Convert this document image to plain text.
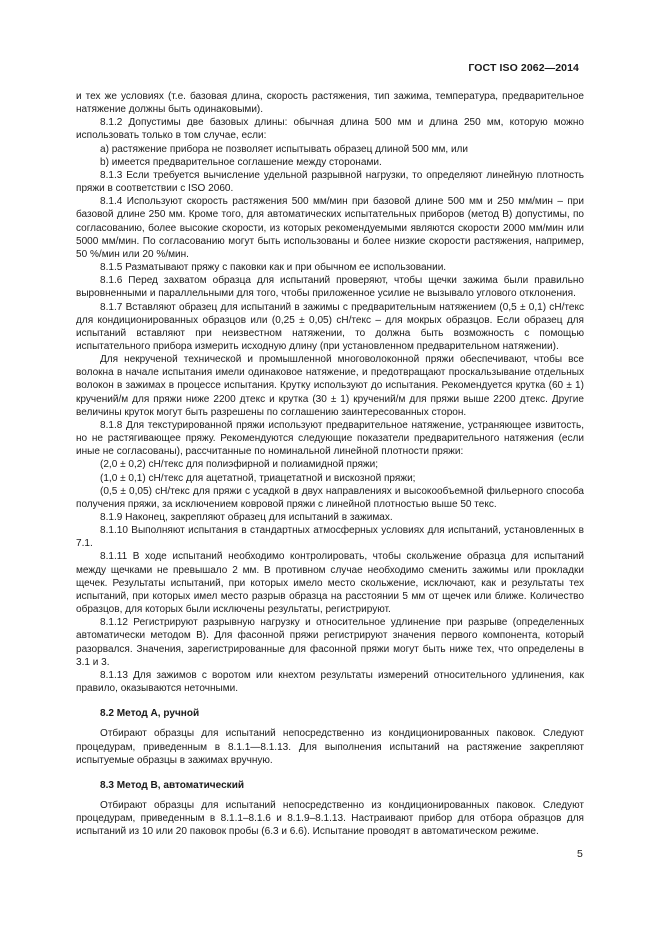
ГОСТ ISO 2062—2014

и тех же условиях (т.е. базовая длина, скорость растяжения, тип зажима, температура, предварительное натяжение должны быть одинаковыми).

8.1.2 Допустимы две базовых длины: обычная длина 500 мм и длина 250 мм, которую можно использовать только в том случае, если:

а) растяжение прибора не позволяет испытывать образец длиной 500 мм, или

b) имеется предварительное соглашение между сторонами.

8.1.3 Если требуется вычисление удельной разрывной нагрузки, то определяют линейную плотность пряжи в соответствии с ISO 2060.

8.1.4 Используют скорость растяжения 500 мм/мин при базовой длине 500 мм и 250 мм/мин – при базовой длине 250 мм. Кроме того, для автоматических испытательных приборов (метод В) допустимы, по согласованию, более высокие скорости, из которых рекомендуемыми являются скорости 2000 мм/мин или 5000 мм/мин. По согласованию могут быть использованы и более низкие скорости растяжения, например, 50 %/мин или 20 %/мин.

8.1.5 Разматывают пряжу с паковки как и при обычном ее использовании.

8.1.6 Перед захватом образца для испытаний проверяют, чтобы щечки зажима были правильно выровненными и параллельными для того, чтобы приложенное усилие не вызывало углового отклонения.

8.1.7 Вставляют образец для испытаний в зажимы с предварительным натяжением (0,5 ± 0,1) сН/текс для кондиционированных образцов или (0,25 ± 0,05) сН/текс – для мокрых образцов. Если образец для испытаний вставляют при неизвестном натяжении, то должна быть возможность с помощью испытательного прибора измерить исходную длину (при установленном предварительном натяжении).

Для некрученой технической и промышленной многоволоконной пряжи обеспечивают, чтобы все волокна в начале испытания имели одинаковое натяжение, и предотвращают проскальзывание отдельных волокон в зажимах в процессе испытания. Крутку используют до испытания. Рекомендуется крутка (60 ± 1) кручений/м для пряжи ниже 2200 дтекс и крутка (30 ± 1) кручений/м для пряжи выше 2200 дтекс. Другие величины круток могут быть разрешены по соглашению заинтересованных сторон.

8.1.8 Для текстурированной пряжи используют предварительное натяжение, устраняющее извитость, но не растягивающее пряжу. Рекомендуются следующие показатели предварительного натяжения (если иные не согласованы), рассчитанные по номинальной линейной плотности пряжи:

(2,0 ± 0,2) сН/текс для полиэфирной и полиамидной пряжи;

(1,0 ± 0,1) сН/текс для ацетатной, триацетатной и вискозной пряжи;

(0,5 ± 0,05) сН/текс для пряжи с усадкой в двух направлениях и высокообъемной фильерного способа получения пряжи, за исключением ковровой пряжи с линейной плотностью выше 50 текс.

8.1.9 Наконец, закрепляют образец для испытаний в зажимах.

8.1.10 Выполняют испытания в стандартных атмосферных условиях для испытаний, установленных в 7.1.

8.1.11 В ходе испытаний необходимо контролировать, чтобы скольжение образца для испытаний между щечками не превышало 2 мм. В противном случае необходимо сменить зажимы или прокладки щечек. Результаты испытаний, при которых имело место скольжение, исключают, как и результаты тех испытаний, при которых имел место разрыв образца на расстоянии 5 мм от щечек или ближе. Количество образцов, для которых были исключены результаты, регистрируют.

8.1.12 Регистрируют разрывную нагрузку и относительное удлинение при разрыве (определенных автоматически методом В). Для фасонной пряжи регистрируют значения первого компонента, который разорвался. Значения, зарегистрированные для фасонной пряжи могут быть ниже тех, что определены в 3.1 и 3.

8.1.13 Для зажимов с воротом или кнехтом результаты измерений относительного удлинения, как правило, оказываются неточными.

8.2 Метод А, ручной

Отбирают образцы для испытаний непосредственно из кондиционированных паковок. Следуют процедурам, приведенным в 8.1.1—8.1.13. Для выполнения испытаний на растяжение закрепляют испытуемые образцы в зажимах вручную.

8.3 Метод В, автоматический

Отбирают образцы для испытаний непосредственно из кондиционированных паковок. Следуют процедурам, приведенным в 8.1.1–8.1.6 и 8.1.9–8.1.13. Настраивают прибор для отбора образцов для испытаний из 10 или 20 паковок пробы (6.3 и 6.6). Испытание проводят в автоматическом режиме.

5
